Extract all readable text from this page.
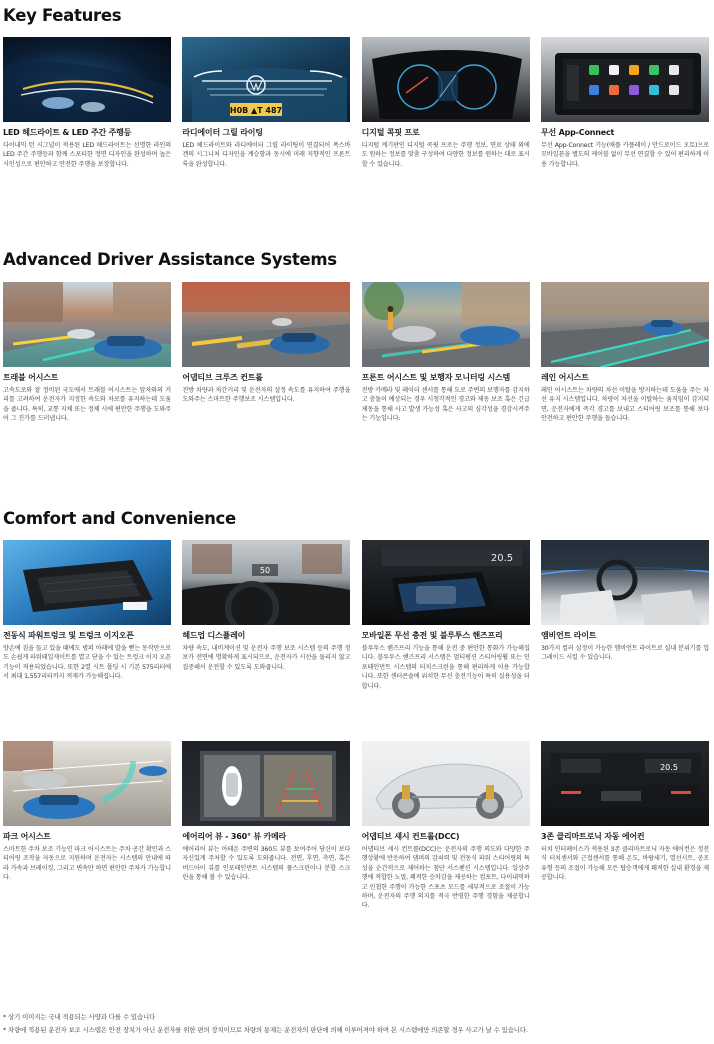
Key Features
Advanced Driver Assistance Systems
Comfort and Convenience

LED 헤드라이트 & LED 주간 주행등

다이내믹 턴 시그널이 적용된 LED 헤드라이트는 선명한 라인의 LED 주간 주행등과 함께 스포티한 정면 디자인을 완성하며 높은 시인성으로 편안하고 안전한 주행을 보장합니다.

H0B ▲T 487

라디에이터 그릴 라이팅

LED 헤드라이트와 라디에이터 그릴 라이팅이 연결되어 폭스바겐의 시그니처 디자인을 계승함과 동시에 미래 지향적인 프론트 룩을 완성합니다.

디지털 콕핏 프로

디지털 계기판인 디지털 콕핏 프로는 주행 정보, 연료 상태 외에도 원하는 정보를 맞춤 구성하여 다양한 정보를 원하는 대로 표시할 수 있습니다.

무선 App-Connect

무선 App-Connect 기능(애플 카플레이 / 안드로이드 오토)으로 모바일폰을 별도의 케이블 없이 무선 연결할 수 있어 편리하게 이용 가능합니다.

트래블 어시스트

고속도로와 잘 정비된 국도에서 트래블 어시스트는 앞차와의 거리를 고려하여 운전자가 지정한 속도와 차로를 유지하는데 도움을 줍니다. 특히, 교통 지체 또는 정체 시에 편안한 주행을 도와주어 그 진가를 드러냅니다.

어댑티브 크루즈 컨트롤

전방 차량과 차간거리 및 운전자의 설정 속도를 유지하여 주행을 도와주는 스마트한 주행보조 시스템입니다.

프론트 어시스트 및 보행자 모니터링 시스템

전방 카메라 및 레이더 센서를 통해 도로 주변의 보행자를 감지하고 충돌이 예상되는 경우 시청각적인 경고와 제동 보조 혹은 긴급 제동을 통해 사고 발생 가능성 혹은 사고의 심각성을 경감시켜주는 기능입니다.

레인 어시스트

레인 어시스트는 차량의 차선 이탈을 방지하는데 도움을 주는 차선 유지 시스템입니다. 차량이 차선을 이탈하는 움직임이 감지되면, 운전자에게 즉각 경고를 보내고 스티어링 보조를 통해 보다 안전하고 편안한 주행을 돕습니다.

전동식 파워트렁크 및 트렁크 이지오픈

양손에 짐을 들고 있을 때에도 범퍼 아래에 발을 뻗는 동작만으로도 손쉽게 파워테일게이트를 열고 닫을 수 있는 트렁크 이지 오픈 기능이 적용되었습니다. 또한 2열 시트 폴딩 시 기본 575리터에서 최대 1,557리터까지 적재가 가능해집니다.

50

헤드업 디스플레이

차량 속도, 내비게이션 및 운전자 주행 보조 시스템 등의 주행 정보가 전면에 명확하게 표시되므로, 운전자가 시선을 돌리지 않고 집중해서 운전할 수 있도록 도와줍니다.

20.5

모바일폰 무선 충전 및 블루투스 핸즈프리

블루투스 핸즈프리 기능을 통해 운전 중 편안한 통화가 가능해집니다. 블루투스 핸즈프리 시스템은 멀티펑션 스티어링휠 또는 인포테인먼트 시스템의 터치스크린을 통해 편리하게 이용 가능합니다. 또한 센터콘솔에 위치한 무선 충전기능이 특히 실용성을 더합니다.

앰비언트 라이트

30가지 컬러 설정이 가능한 앰비언트 라이트로 실내 분위기를 업그레이드 시킬 수 있습니다.

파크 어시스트

스마트한 주차 보조 기능인 파크 어시스트는 주차 공간 확인과 스티어링 조작을 자동으로 지원하며 운전자는 시스템의 안내에 따라 가속과 브레이킹, 그리고 변속만 하면 편안한 주차가 가능합니다.

에어리어 뷰 - 360° 뷰 카메라

에어리어 뷰는 아테온 주변의 360도 뷰를 보여주어 당신이 보다 자신있게 주차할 수 있도록 도와줍니다. 전면, 후면, 측면, 혹은 버드아이 뷰를 인포테인먼트 시스템의 풀스크린이나 분할 스크린을 통해 볼 수 있습니다.

어댑티브 섀시 컨트롤(DCC)

어댑티브 섀시 컨트롤(DCC)는 운전자의 주행 의도와 다양한 주행상황에 반응하여 댐퍼의 감쇠력 및 전동식 파워 스티어링의 특성을 순간적으로 제어하는 첨단 서스펜션 시스템입니다. 일상주행에 적합한 노멀, 쾌적한 승차감을 제공하는 컴포트, 다이내믹하고 민첩한 주행이 가능한 스포츠 모드를 세부적으로 조절이 가능하며, 운전자의 주행 의지를 적극 반영한 주행 경험을 제공합니다.

20.5

3존 클리마트로닉 자동 에어컨

터치 인터페이스가 적용된 3존 클리마트로닉 자동 에어컨은 정전식 터치센서와 근접센서를 통해 온도, 바람세기, 열선시트, 공조 유형 등의 조절이 가능해 모든 탑승객에게 쾌적한 실내 환경을 제공합니다.

* 상기 이미지는 국내 적용되는 사양과 다를 수 있습니다

* 차량에 적용된 운전자 보조 시스템은 안전 장치가 아닌 운전자를 위한 편의 장치이므로 차량의 통제는 운전자의 판단에 의해 이루어져야 하며 본 시스템에만 의존할 경우 사고가 날 수 있습니다.
